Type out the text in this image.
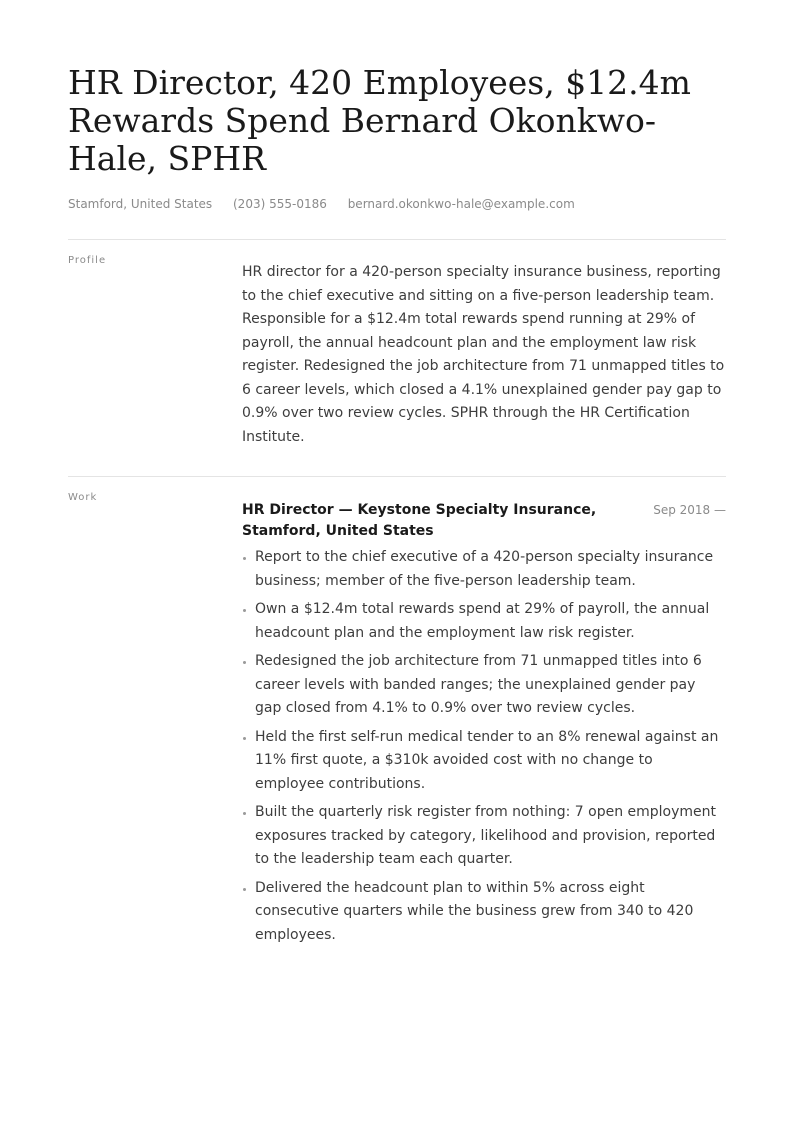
HR Director, 420 Employees, $12.4m Rewards Spend Bernard Okonkwo-Hale, SPHR
Stamford, United States (203) 555-0186 bernard.okonkwo-hale@example.com
Profile

HR director for a 420-person specialty insurance business, reporting to the chief executive and sitting on a five-person leadership team. Responsible for a $12.4m total rewards spend running at 29% of payroll, the annual headcount plan and the employment law risk register. Redesigned the job architecture from 71 unmapped titles to 6 career levels, which closed a 4.1% unexplained gender pay gap to 0.9% over two review cycles. SPHR through the HR Certification Institute.

Work
HR Director — Keystone Specialty Insurance, Stamford, United States
Sep 2018 —
Report to the chief executive of a 420-person specialty insurance business; member of the five-person leadership team.
Own a $12.4m total rewards spend at 29% of payroll, the annual headcount plan and the employment law risk register.
Redesigned the job architecture from 71 unmapped titles into 6 career levels with banded ranges; the unexplained gender pay gap closed from 4.1% to 0.9% over two review cycles.
Held the first self-run medical tender to an 8% renewal against an 11% first quote, a $310k avoided cost with no change to employee contributions.
Built the quarterly risk register from nothing: 7 open employment exposures tracked by category, likelihood and provision, reported to the leadership team each quarter.
Delivered the headcount plan to within 5% across eight consecutive quarters while the business grew from 340 to 420 employees.
